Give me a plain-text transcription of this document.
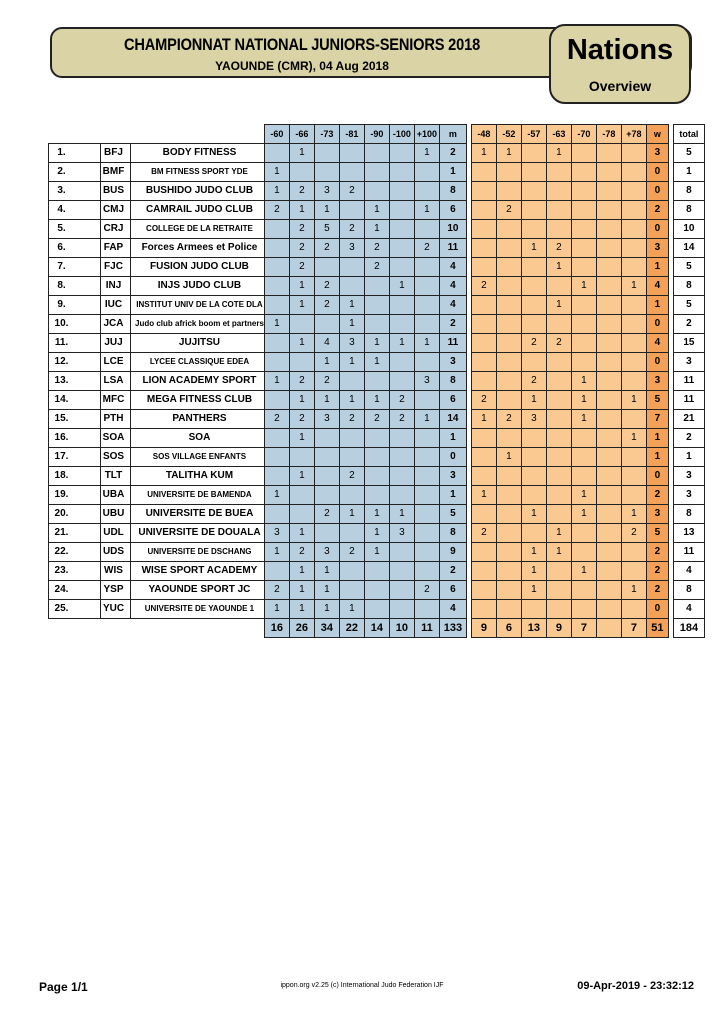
CHAMPIONNAT NATIONAL JUNIORS-SENIORS 2018
YAOUNDE (CMR), 04 Aug 2018	Nations
Overview
			-60	-66	-73	-81	-90	-100	+100	m		-48	-52	-57	-63	-70	-78	+78	w		total
1.	BFJ	BODY FITNESS		1					1	2		1	1		1				3		5
2.	BMF	BM FITNESS SPORT YDE	1							1									0		1
3.	BUS	BUSHIDO JUDO CLUB	1	2	3	2				8									0		8
4.	CMJ	CAMRAIL JUDO CLUB	2	1	1		1		1	6			2						2		8
5.	CRJ	COLLEGE DE LA RETRAITE		2	5	2	1			10									0		10
6.	FAP	Forces Armees et Police		2	2	3	2		2	11				1	2				3		14
7.	FJC	FUSION JUDO CLUB		2			2			4					1				1		5
8.	INJ	INJS JUDO CLUB		1	2			1		4		2				1		1	4		8
9.	IUC	INSTITUT UNIV DE LA COTE DLA		1	2	1				4					1				1		5
10.	JCA	Judo club africk boom et partners	1			1				2									0		2
11.	JUJ	JUJITSU		1	4	3	1	1	1	11				2	2				4		15
12.	LCE	LYCEE CLASSIQUE EDEA			1	1	1			3									0		3
13.	LSA	LION ACADEMY SPORT	1	2	2				3	8				2		1			3		11
14.	MFC	MEGA FITNESS CLUB		1	1	1	1	2		6		2		1		1		1	5		11
15.	PTH	PANTHERS	2	2	3	2	2	2	1	14		1	2	3		1			7		21
16.	SOA	SOA		1						1								1	1		2
17.	SOS	SOS VILLAGE ENFANTS								0			1						1		1
18.	TLT	TALITHA KUM		1		2				3									0		3
19.	UBA	UNIVERSITE DE BAMENDA	1							1		1				1			2		3
20.	UBU	UNIVERSITE DE BUEA			2	1	1	1		5				1		1		1	3		8
21.	UDL	UNIVERSITE DE DOUALA	3	1			1	3		8		2			1			2	5		13
22.	UDS	UNIVERSITE DE DSCHANG	1	2	3	2	1			9				1	1				2		11
23.	WIS	WISE SPORT ACADEMY		1	1					2				1		1			2		4
24.	YSP	YAOUNDE SPORT JC	2	1	1				2	6				1				1	2		8
25.	YUC	UNIVERSITE DE YAOUNDE 1	1	1	1	1				4									0		4
			16	26	34	22	14	10	11	133		9	6	13	9	7		7	51		184
Page 1/1	ippon.org v2.25 (c) International Judo Federation IJF	09-Apr-2019 - 23:32:12
